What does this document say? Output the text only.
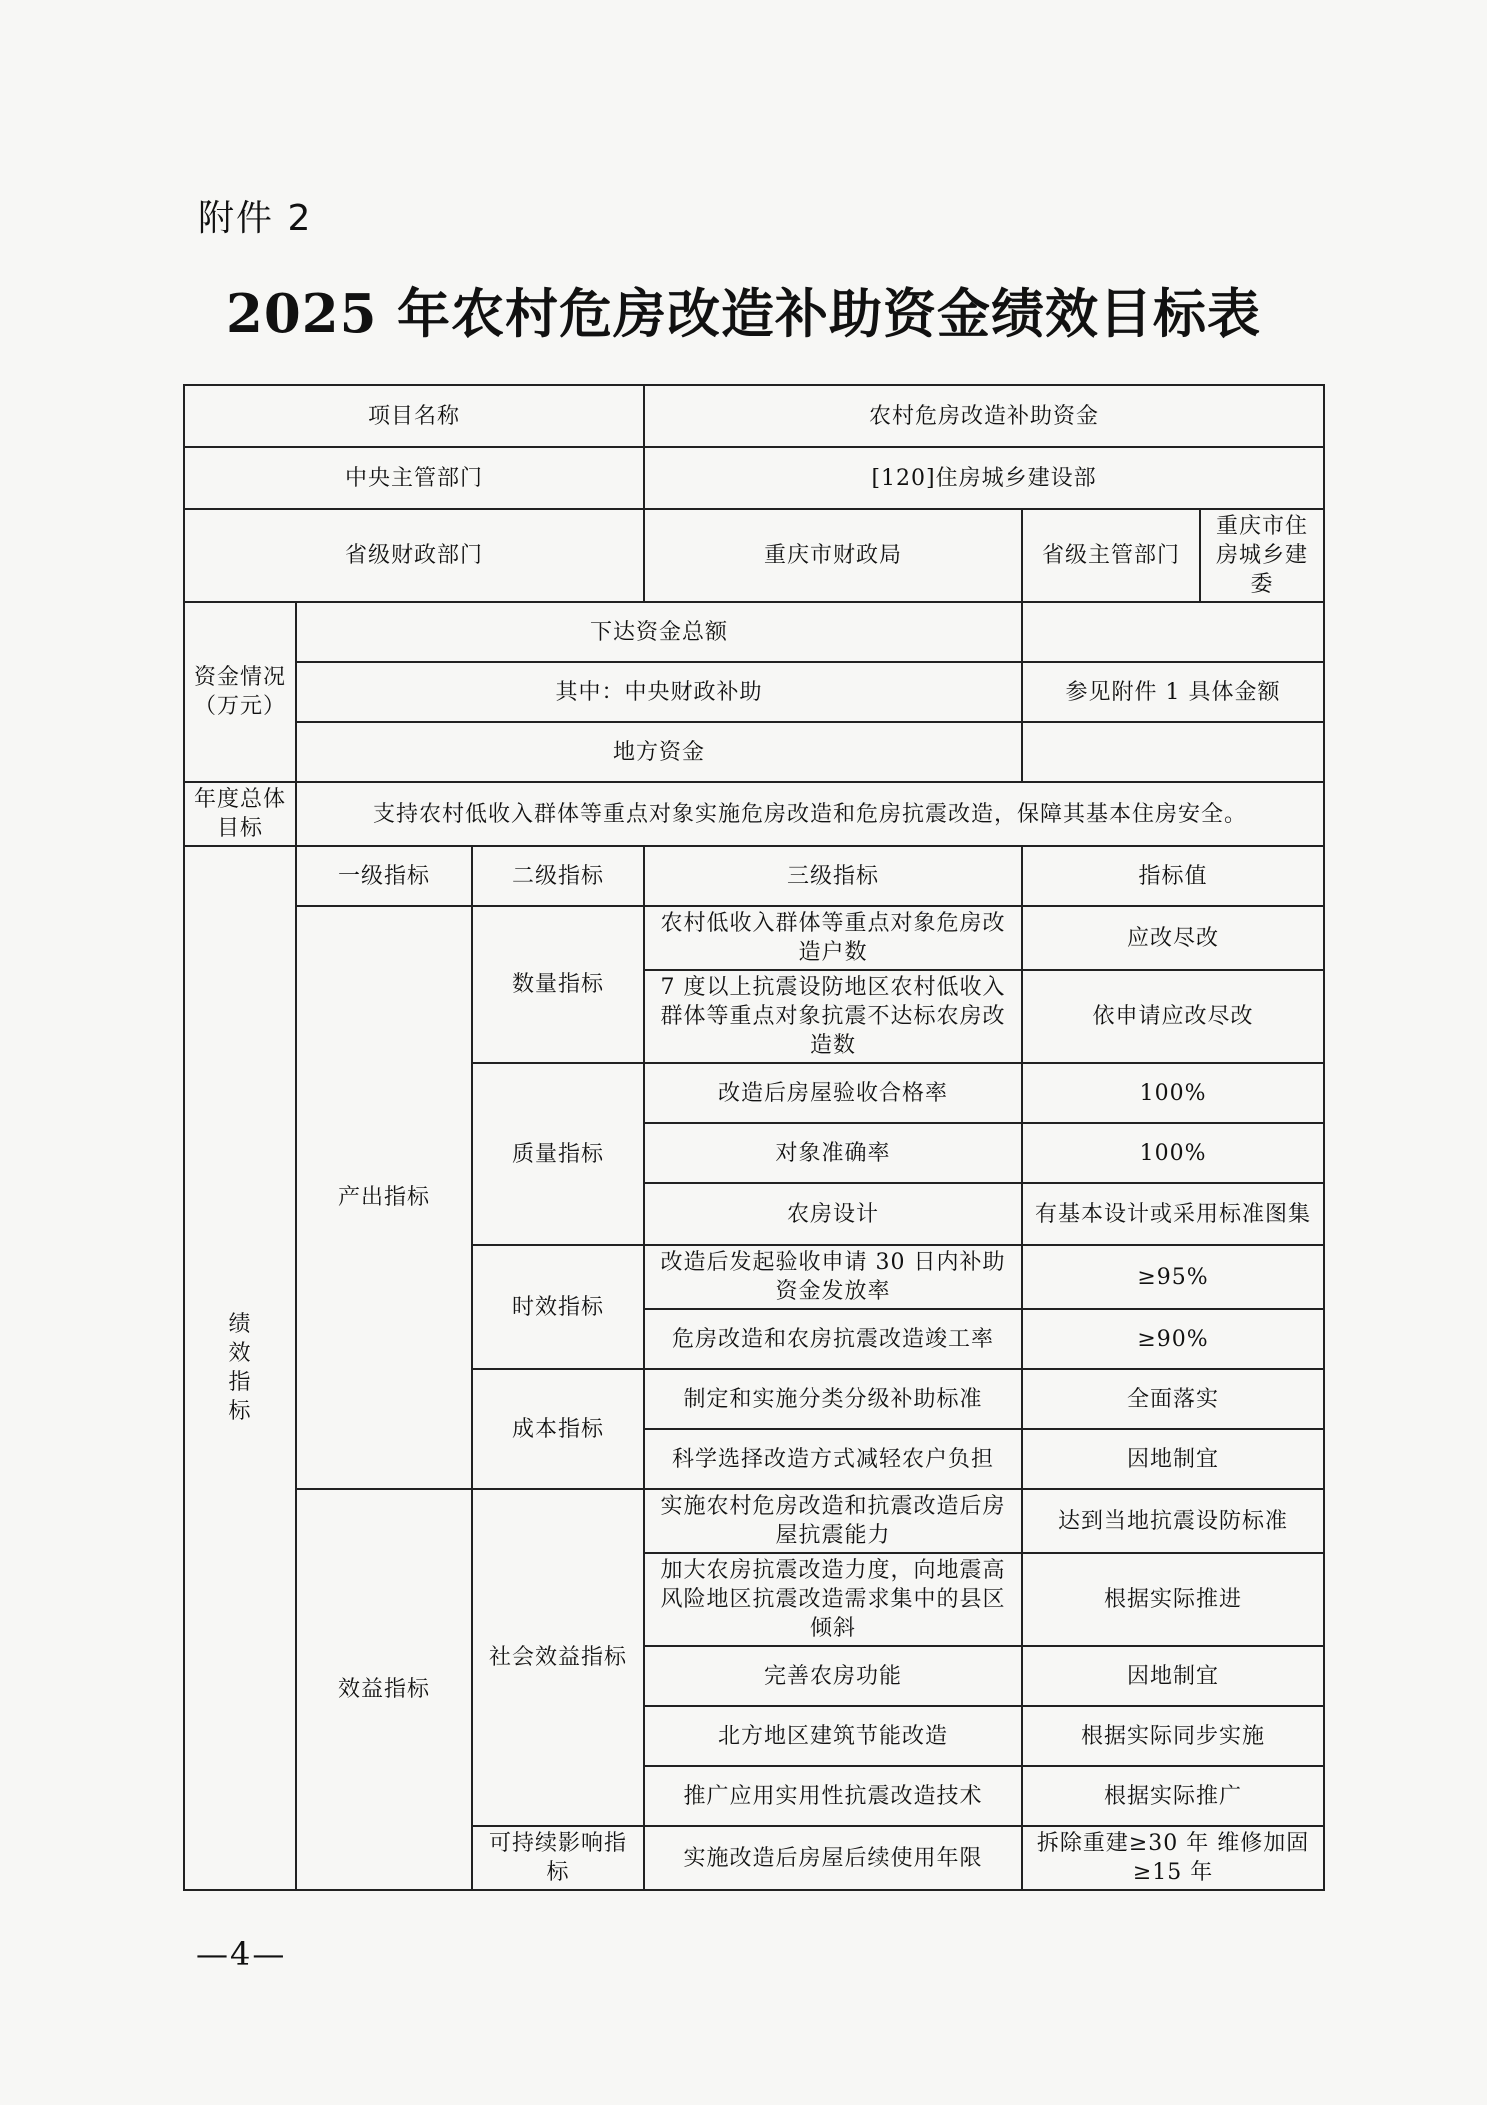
附件 2
2025 年农村危房改造补助资金绩效目标表
项目名称			农村危房改造补助资金		
中央主管部门			[120]住房城乡建设部		
省级财政部门			重庆市财政局	省级主管部门	重庆市住房城乡建委
资金情况（万元）	下达资金总额				
	其中：中央财政补助			参见附件 1 具体金额	
	地方资金				
年度总体目标	支持农村低收入群体等重点对象实施危房改造和危房抗震改造，保障其基本住房安全。				
绩效指标	一级指标	二级指标	三级指标	指标值	
	产出指标	数量指标	农村低收入群体等重点对象危房改造户数	应改尽改	
			7 度以上抗震设防地区农村低收入群体等重点对象抗震不达标农房改造数	依申请应改尽改	
		质量指标	改造后房屋验收合格率	100%	
			对象准确率	100%	
			农房设计	有基本设计或采用标准图集	
		时效指标	改造后发起验收申请 30 日内补助资金发放率	≥95%	
			危房改造和农房抗震改造竣工率	≥90%	
		成本指标	制定和实施分类分级补助标准	全面落实	
			科学选择改造方式减轻农户负担	因地制宜	
	效益指标	社会效益指标	实施农村危房改造和抗震改造后房屋抗震能力	达到当地抗震设防标准	
			加大农房抗震改造力度，向地震高风险地区抗震改造需求集中的县区倾斜	根据实际推进	
			完善农房功能	因地制宜	
			北方地区建筑节能改造	根据实际同步实施	
			推广应用实用性抗震改造技术	根据实际推广	
		可持续影响指标	实施改造后房屋后续使用年限	拆除重建≥30 年 维修加固≥15 年	
—4—
